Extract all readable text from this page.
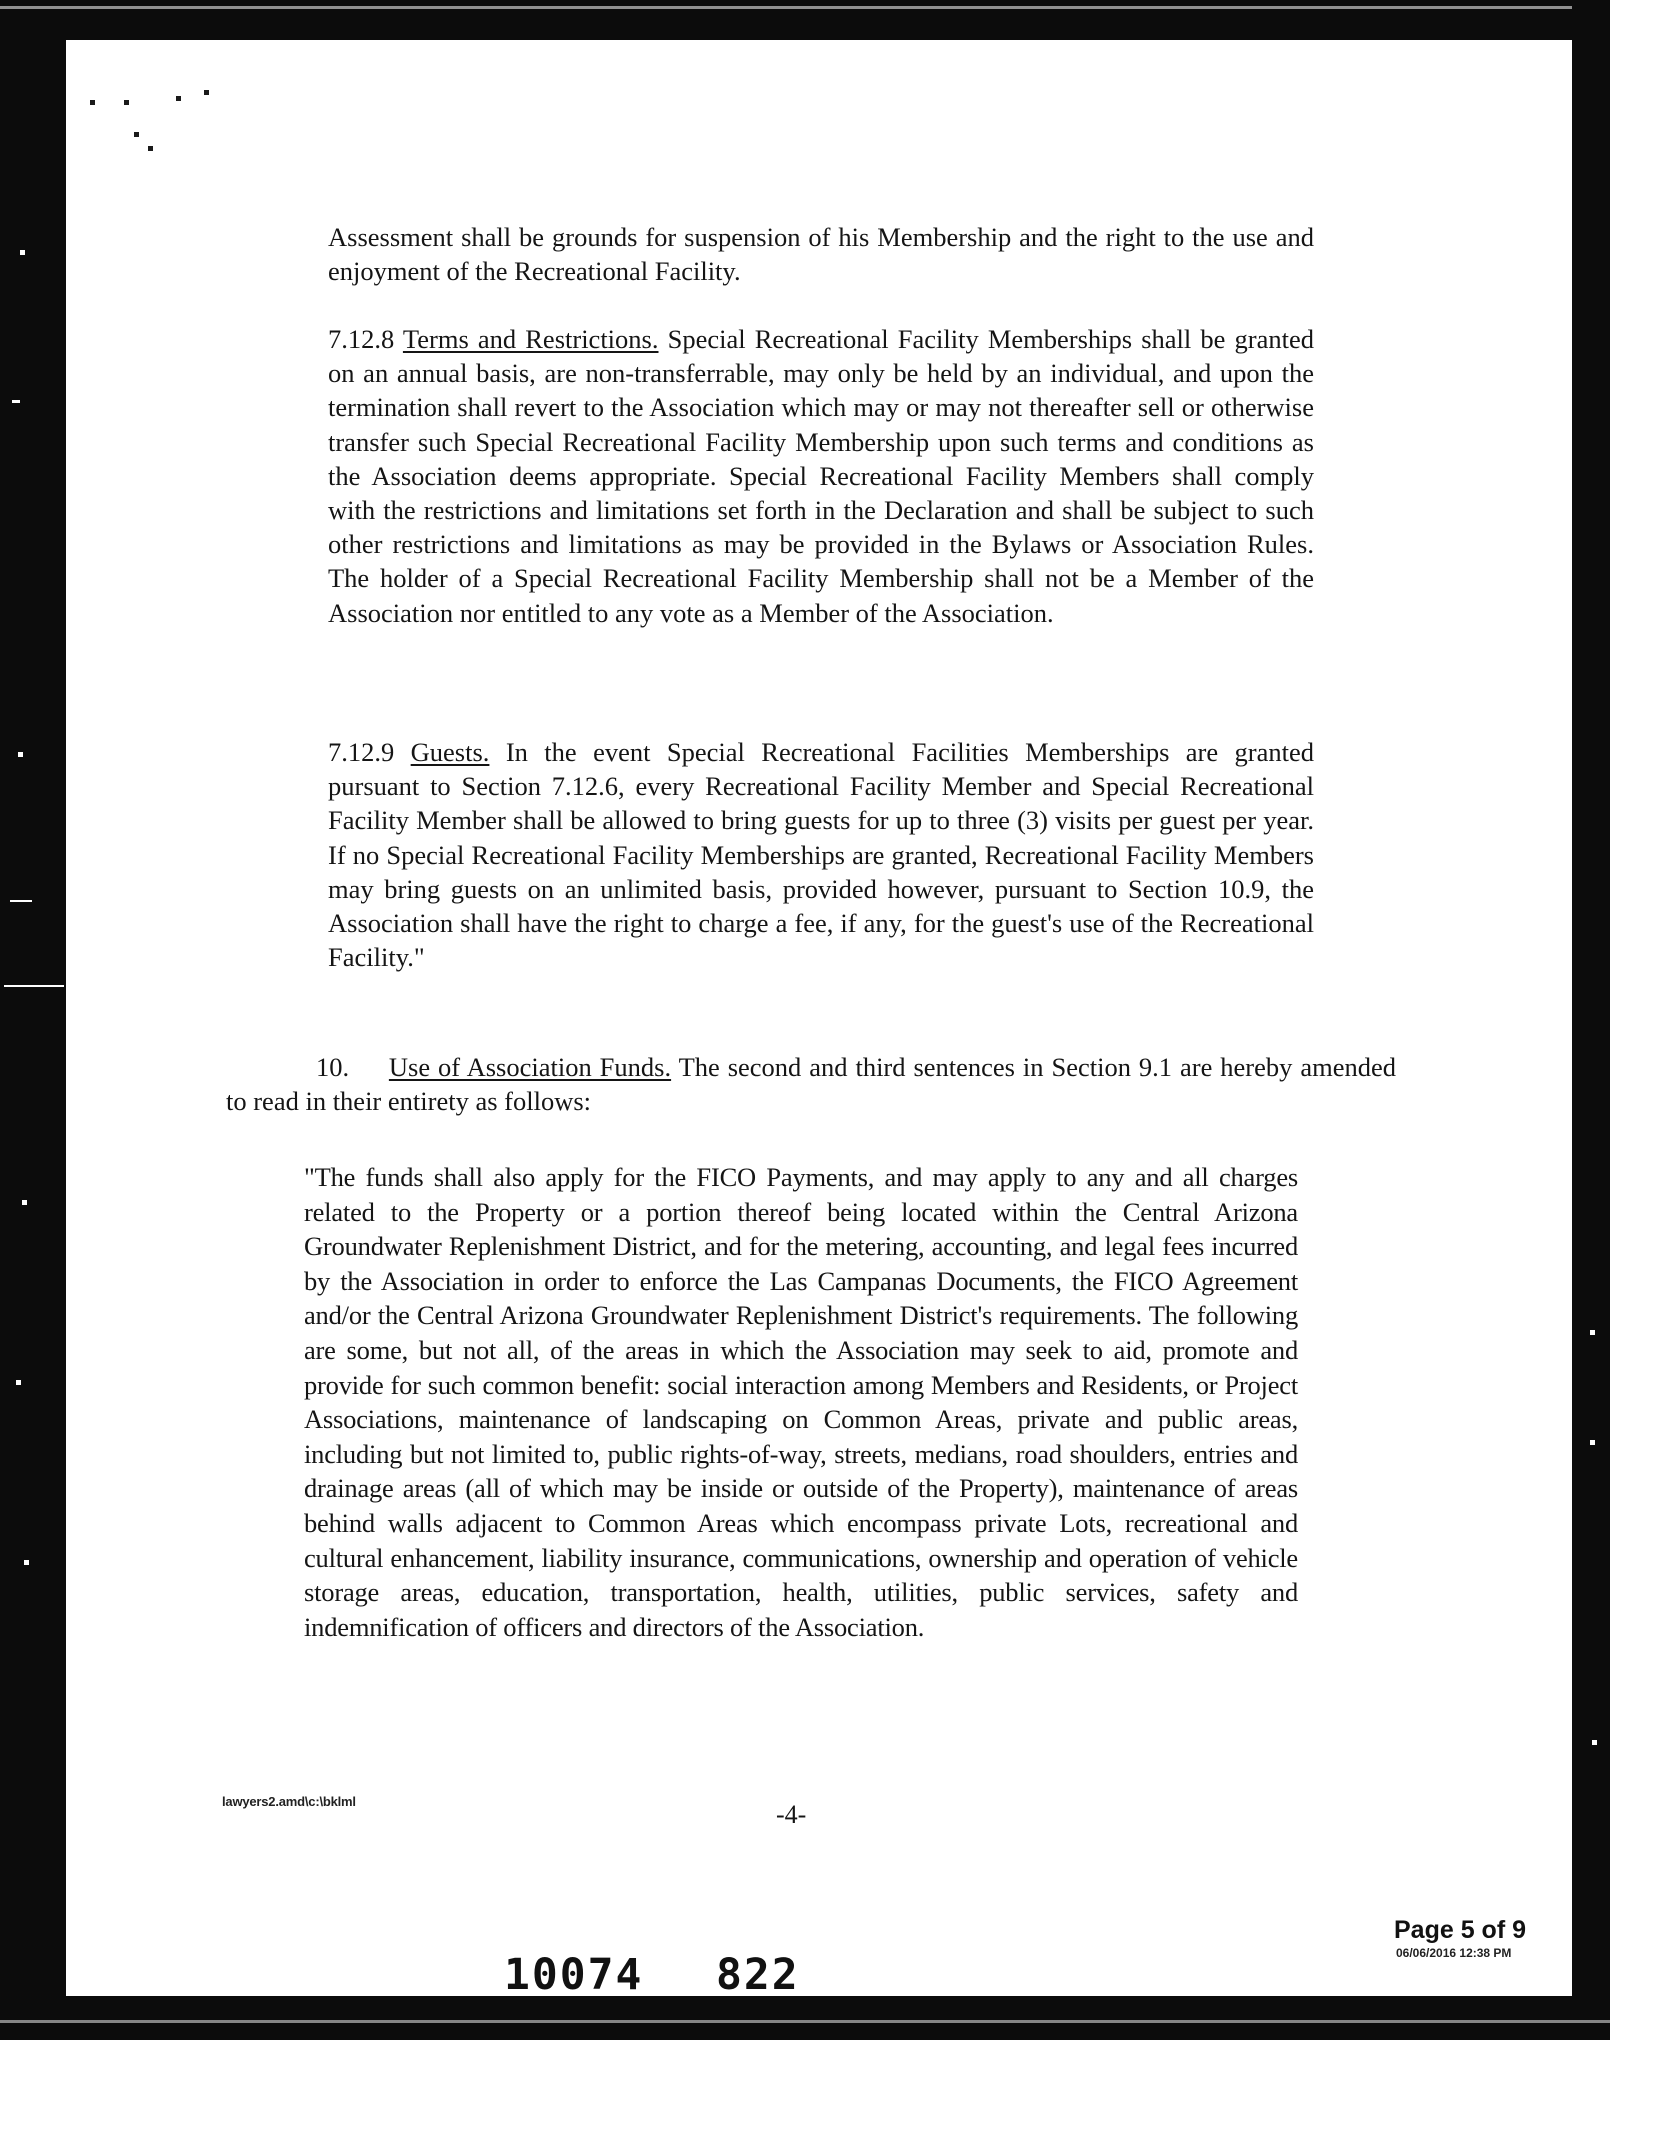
Assessment shall be grounds for suspension of his Membership and the right to the use and enjoyment of the Recreational Facility.

7.12.8 Terms and Restrictions. Special Recreational Facility Memberships shall be granted on an annual basis, are non-transferrable, may only be held by an individual, and upon the termination shall revert to the Association which may or may not thereafter sell or otherwise transfer such Special Recreational Facility Membership upon such terms and conditions as the Association deems appropriate. Special Recreational Facility Members shall comply with the restrictions and limitations set forth in the Declaration and shall be subject to such other restrictions and limitations as may be provided in the Bylaws or Association Rules. The holder of a Special Recreational Facility Membership shall not be a Member of the Association nor entitled to any vote as a Member of the Association.

7.12.9 Guests. In the event Special Recreational Facilities Memberships are granted pursuant to Section 7.12.6, every Recreational Facility Member and Special Recreational Facility Member shall be allowed to bring guests for up to three (3) visits per guest per year. If no Special Recreational Facility Memberships are granted, Recreational Facility Members may bring guests on an unlimited basis, provided however, pursuant to Section 10.9, the Association shall have the right to charge a fee, if any, for the guest's use of the Recreational Facility."

10. Use of Association Funds. The second and third sentences in Section 9.1 are hereby amended to read in their entirety as follows:

"The funds shall also apply for the FICO Payments, and may apply to any and all charges related to the Property or a portion thereof being located within the Central Arizona Groundwater Replenishment District, and for the metering, accounting, and legal fees incurred by the Association in order to enforce the Las Campanas Documents, the FICO Agreement and/or the Central Arizona Groundwater Replenishment District's requirements. The following are some, but not all, of the areas in which the Association may seek to aid, promote and provide for such common benefit: social interaction among Members and Residents, or Project Associations, maintenance of landscaping on Common Areas, private and public areas, including but not limited to, public rights-of-way, streets, medians, road shoulders, entries and drainage areas (all of which may be inside or outside of the Property), maintenance of areas behind walls adjacent to Common Areas which encompass private Lots, recreational and cultural enhancement, liability insurance, communications, ownership and operation of vehicle storage areas, education, transportation, health, utilities, public services, safety and indemnification of officers and directors of the Association.

lawyers2.amd\c:\bklml	-4-
Page 5 of 9
06/06/2016 12:38 PM
10074 822
